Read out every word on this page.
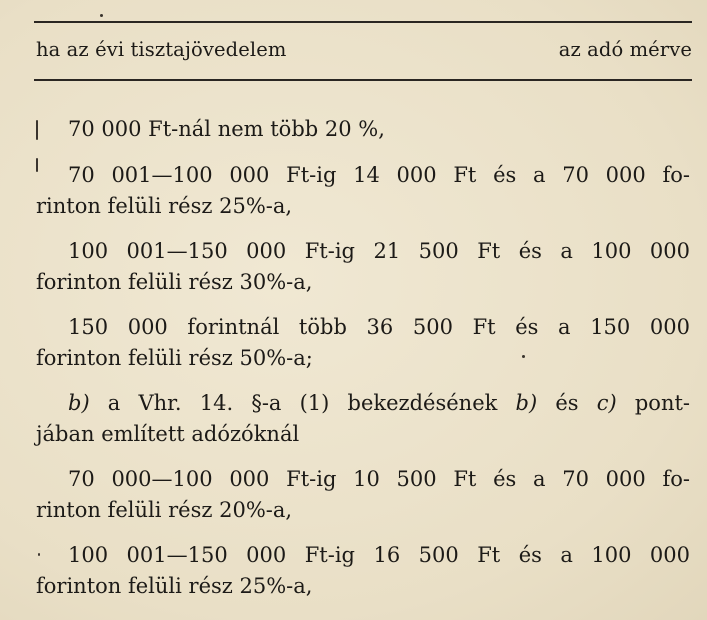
ha az évi tisztajövedelem	az adó mérve
70 000 Ft-nál nem több 20 %,
70 001—100 000 Ft-ig 14 000 Ft és a 70 000 fo-
rinton felüli rész 25%-a,
100 001—150 000 Ft-ig 21 500 Ft és a 100 000
forinton felüli rész 30%-a,
150 000 forintnál több 36 500 Ft és a 150 000
forinton felüli rész 50%-a;
b) a Vhr. 14. §-a (1) bekezdésének b) és c) pont-
jában említett adózóknál
70 000—100 000 Ft-ig 10 500 Ft és a 70 000 fo-
rinton felüli rész 20%-a,
100 001—150 000 Ft-ig 16 500 Ft és a 100 000
forinton felüli rész 25%-a,
